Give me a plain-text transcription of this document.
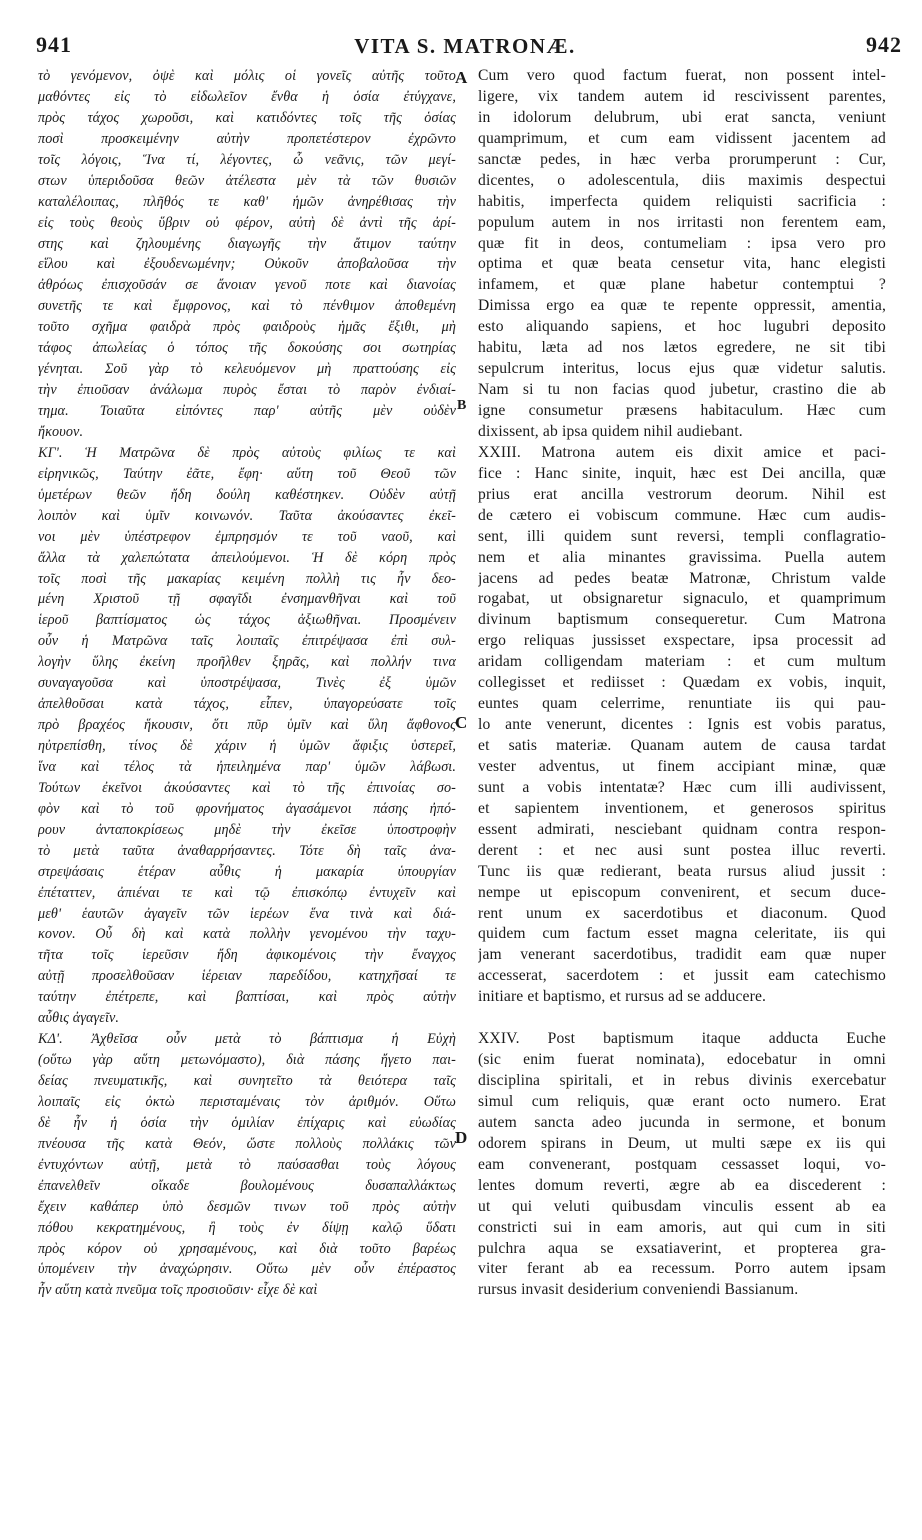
941	VITA S. MATRONÆ.	942
τὸ γενόμενον, ὀψὲ καὶ μόλις οἱ γονεῖς αὐτῆς τοῦτο
μαθόντες εἰς τὸ εἰδωλεῖον ἔνθα ἡ ὁσία ἐτύγχανε,
πρὸς τάχος χωροῦσι, καὶ κατιδόντες τοῖς τῆς ὁσίας
ποσὶ προσκειμένην αὐτὴν προπετέστερον ἐχρῶντο
τοῖς λόγοις, Ἵνα τί, λέγοντες, ὦ νεᾶνις, τῶν μεγί-
στων ὑπεριδοῦσα θεῶν ἀτέλεστα μὲν τὰ τῶν θυσιῶν
καταλέλοιπας, πλῆθός τε καθ' ἡμῶν ἀνηρέθισας τὴν
εἰς τοὺς θεοὺς ὕβριν οὐ φέρον, αὐτὴ δὲ ἀντὶ τῆς ἀρί-
στης καὶ ζηλουμένης διαγωγῆς τὴν ἄτιμον ταύτην
εἵλου καὶ ἐξουδενωμένην; Οὐκοῦν ἀποβαλοῦσα τὴν
ἀθρόως ἐπισχοῦσάν σε ἄνοιαν γενοῦ ποτε καὶ διανοίας
συνετῆς τε καὶ ἔμφρονος, καὶ τὸ πένθιμον ἀποθεμένη
τοῦτο σχῆμα φαιδρὰ πρὸς φαιδροὺς ἡμᾶς ἔξιθι, μὴ
τάφος ἀπωλείας ὁ τόπος τῆς δοκούσης σοι σωτηρίας
γένηται. Σοῦ γὰρ τὸ κελευόμενον μὴ πραττούσης εἰς
τὴν ἐπιοῦσαν ἀνάλωμα πυρὸς ἔσται τὸ παρὸν ἐνδιαί-
τημα. Τοιαῦτα εἰπόντες παρ' αὐτῆς μὲν οὐδὲν
ἤκουον.
ΚΓʹ. Ἡ Ματρῶνα δὲ πρὸς αὐτοὺς φιλίως τε καὶ
εἰρηνικῶς, Ταύτην ἐᾶτε, ἔφη· αὕτη τοῦ Θεοῦ τῶν
ὑμετέρων θεῶν ἤδη δούλη καθέστηκεν. Οὐδὲν αὐτῇ
λοιπὸν καὶ ὑμῖν κοινωνόν. Ταῦτα ἀκούσαντες ἐκεῖ-
νοι μὲν ὑπέστρεφον ἐμπρησμόν τε τοῦ ναοῦ, καὶ
ἄλλα τὰ χαλεπώτατα ἀπειλούμενοι. Ἡ δὲ κόρη πρὸς
τοῖς ποσὶ τῆς μακαρίας κειμένη πολλὴ τις ἦν δεο-
μένη Χριστοῦ τῇ σφαγῖδι ἐνσημανθῆναι καὶ τοῦ
ἱεροῦ βαπτίσματος ὡς τάχος ἀξιωθῆναι. Προσμένειν
οὖν ἡ Ματρῶνα ταῖς λοιπαῖς ἐπιτρέψασα ἐπὶ συλ-
λογὴν ὕλης ἐκείνη προῆλθεν ξηρᾶς, καὶ πολλήν τινα
συναγαγοῦσα καὶ ὑποστρέψασα, Τινὲς ἐξ ὑμῶν
ἀπελθοῦσαι κατὰ τάχος, εἶπεν, ὑπαγορεύσατε τοῖς
πρὸ βραχέος ἥκουσιν, ὅτι πῦρ ὑμῖν καὶ ὕλη ἄφθονος
ηὐτρεπίσθη, τίνος δὲ χάριν ἡ ὑμῶν ἄφιξις ὑστερεῖ,
ἵνα καὶ τέλος τὰ ἠπειλημένα παρ' ὑμῶν λάβωσι.
Τούτων ἐκεῖνοι ἀκούσαντες καὶ τὸ τῆς ἐπινοίας σο-
φὸν καὶ τὸ τοῦ φρονήματος ἀγασάμενοι πάσης ἠπό-
ρουν ἀνταποκρίσεως μηδὲ τὴν ἐκεῖσε ὑποστροφὴν
τὸ μετὰ ταῦτα ἀναθαρρήσαντες. Τότε δὴ ταῖς ἀνα-
στρεψάσαις ἑτέραν αὖθις ἡ μακαρία ὑπουργίαν
ἐπέταττεν, ἀπιέναι τε καὶ τῷ ἐπισκόπῳ ἐντυχεῖν καὶ
μεθ' ἑαυτῶν ἀγαγεῖν τῶν ἱερέων ἕνα τινὰ καὶ διά-
κονον. Οὗ δὴ καὶ κατὰ πολλὴν γενομένου τὴν ταχυ-
τῆτα τοῖς ἱερεῦσιν ἤδη ἀφικομένοις τὴν ἔναγχος
αὐτῇ προσελθοῦσαν ἱέρειαν παρεδίδου, κατηχῆσαί τε
ταύτην ἐπέτρεπε, καὶ βαπτίσαι, καὶ πρὸς αὐτὴν
αὖθις ἀγαγεῖν.
ΚΔʹ. Ἀχθεῖσα οὖν μετὰ τὸ βάπτισμα ἡ Εὐχὴ
(οὕτω γὰρ αὕτη μετωνόμαστο), διὰ πάσης ἤγετο παι-
δείας πνευματικῆς, καὶ συνητεῖτο τὰ θειότερα ταῖς
λοιπαῖς εἰς ὀκτὼ περισταμέναις τὸν ἀριθμόν. Οὕτω
δὲ ἦν ἡ ὁσία τὴν ὁμιλίαν ἐπίχαρις καὶ εὐωδίας
πνέουσα τῆς κατὰ Θεόν, ὥστε πολλοὺς πολλάκις τῶν
ἐντυχόντων αὐτῇ, μετὰ τὸ παύσασθαι τοὺς λόγους
ἐπανελθεῖν οἴκαδε βουλομένους δυσαπαλλάκτως
ἔχειν καθάπερ ὑπὸ δεσμῶν τινων τοῦ πρὸς αὐτὴν
πόθου κεκρατημένους, ἢ τοὺς ἐν δίψῃ καλῷ ὕδατι
πρὸς κόρον οὐ χρησαμένους, καὶ διὰ τοῦτο βαρέως
ὑπομένειν τὴν ἀναχώρησιν. Οὕτω μὲν οὖν ἐπέραστος
ἦν αὕτη κατὰ πνεῦμα τοῖς προσιοῦσιν· εἶχε δὲ καὶ
Cum vero quod factum fuerat, non possent intel-
ligere, vix tandem autem id rescivissent parentes,
in idolorum delubrum, ubi erat sancta, veniunt
quamprimum, et cum eam vidissent jacentem ad
sanctæ pedes, in hæc verba prorumperunt : Cur,
dicentes, o adolescentula, diis maximis despectui
habitis, imperfecta quidem reliquisti sacrificia :
populum autem in nos irritasti non ferentem eam,
quæ fit in deos, contumeliam : ipsa vero pro
optima et quæ beata censetur vita, hanc elegisti
infamem, et quæ plane habetur contemptui ?
Dimissa ergo ea quæ te repente oppressit, amentia,
esto aliquando sapiens, et hoc lugubri deposito
habitu, læta ad nos lætos egredere, ne sit tibi
sepulcrum interitus, locus ejus quæ videtur salutis.
Nam si tu non facias quod jubetur, crastino die ab
igne consumetur præsens habitaculum. Hæc cum
dixissent, ab ipsa quidem nihil audiebant.
XXIII. Matrona autem eis dixit amice et paci-
fice : Hanc sinite, inquit, hæc est Dei ancilla, quæ
prius erat ancilla vestrorum deorum. Nihil est
de cætero ei vobiscum commune. Hæc cum audis-
sent, illi quidem sunt reversi, templi conflagratio-
nem et alia minantes gravissima. Puella autem
jacens ad pedes beatæ Matronæ, Christum valde
rogabat, ut obsignaretur signaculo, et quamprimum
divinum baptismum consequeretur. Cum Matrona
ergo reliquas jussisset exspectare, ipsa processit ad
aridam colligendam materiam : et cum multum
collegisset et rediisset : Quædam ex vobis, inquit,
euntes quam celerrime, renuntiate iis qui pau-
lo ante venerunt, dicentes : Ignis est vobis paratus,
et satis materiæ. Quanam autem de causa tardat
vester adventus, ut finem accipiant minæ, quæ
sunt a vobis intentatæ? Hæc cum illi audivissent,
et sapientem inventionem, et generosos spiritus
essent admirati, nesciebant quidnam contra respon-
derent : et nec ausi sunt postea illuc reverti.
Tunc iis quæ redierant, beata rursus aliud jussit :
nempe ut episcopum convenirent, et secum duce-
rent unum ex sacerdotibus et diaconum. Quod
quidem cum factum esset magna celeritate, iis qui
jam venerant sacerdotibus, tradidit eam quæ nuper
accesserat, sacerdotem : et jussit eam catechismo
initiare et baptismo, et rursus ad se adducere.
XXIV. Post baptismum itaque adducta Euche
(sic enim fuerat nominata), edocebatur in omni
disciplina spiritali, et in rebus divinis exercebatur
simul cum reliquis, quæ erant octo numero. Erat
autem sancta adeo jucunda in sermone, et bonum
odorem spirans in Deum, ut multi sæpe ex iis qui
eam convenerant, postquam cessasset loqui, vo-
lentes domum reverti, ægre ab ea discederent :
ut qui veluti quibusdam vinculis essent ab ea
constricti sui in eam amoris, aut qui cum in siti
pulchra aqua se exsatiaverint, et propterea gra-
viter ferant ab ea recessum. Porro autem ipsam
rursus invasit desiderium conveniendi Bassianum.
A
B
C
D
